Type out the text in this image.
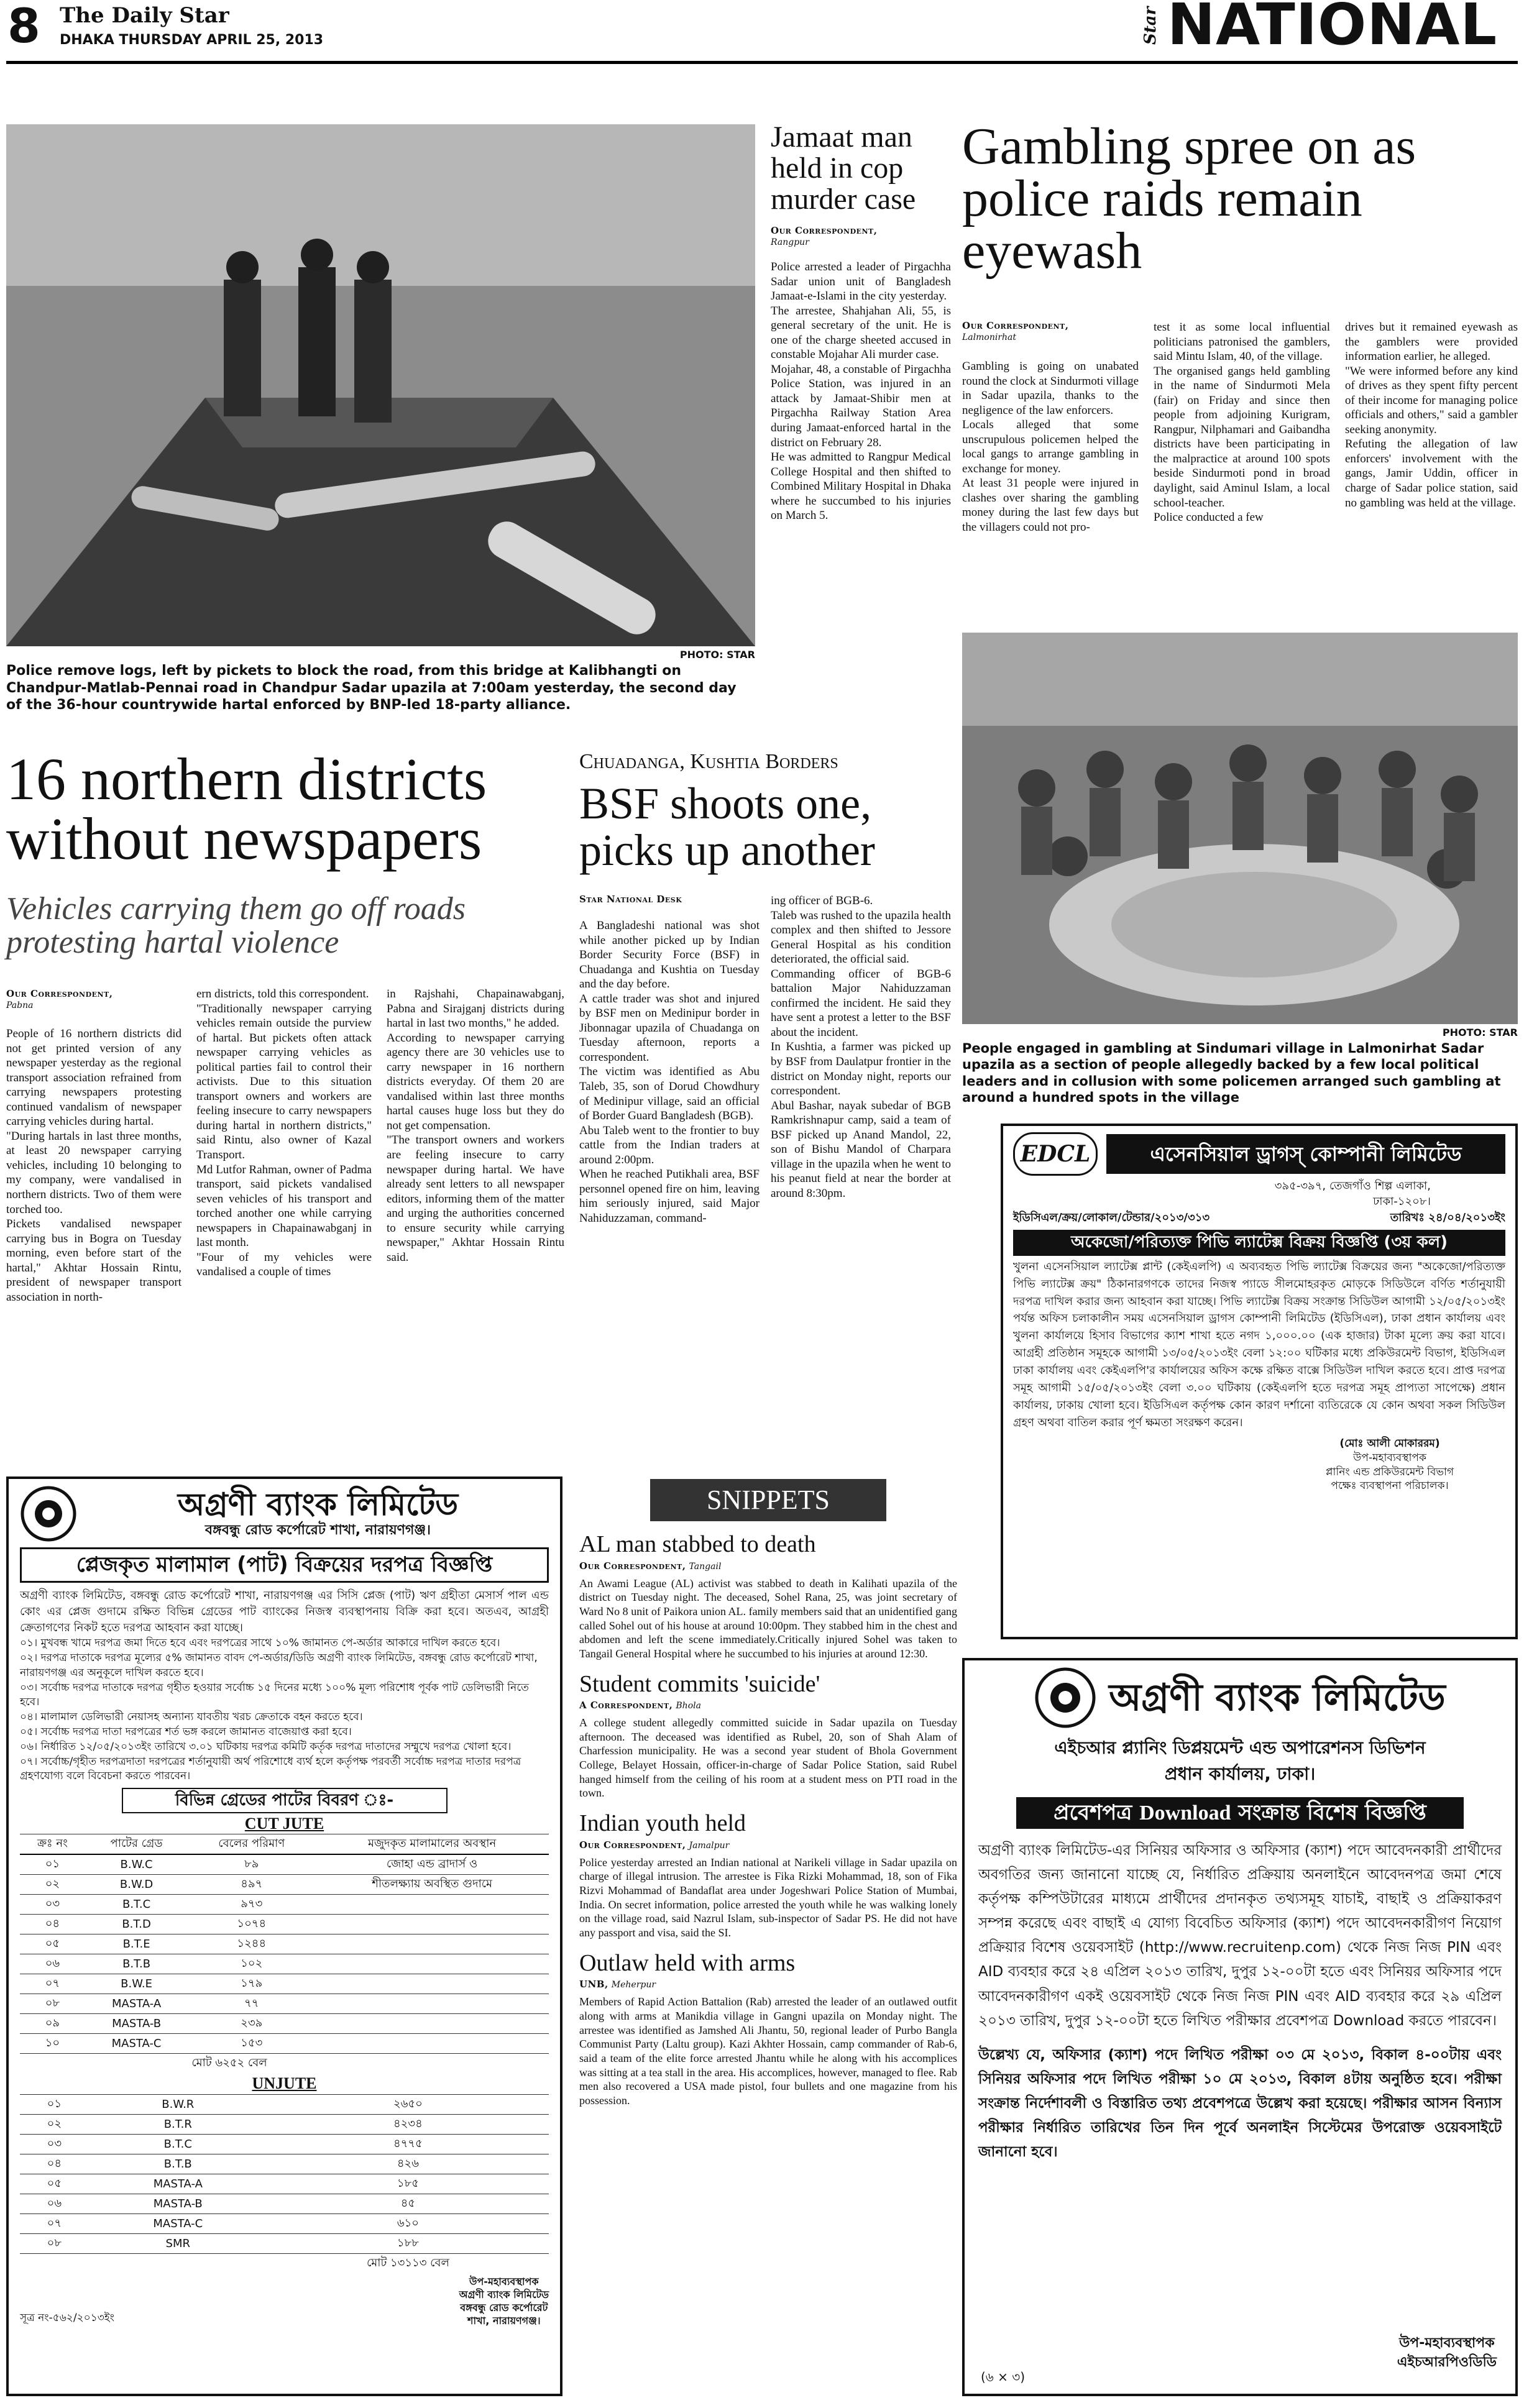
8 The Daily Star
DHAKA THURSDAY APRIL 25, 2013	Star NATIONAL
PHOTO: STAR
Police remove logs, left by pickets to block the road, from this bridge at Kalibhangti on Chandpur-Matlab-Pennai road in Chandpur Sadar upazila at 7:00am yesterday, the second day of the 36-hour countrywide hartal enforced by BNP-led 18-party alliance.
Jamaat man held in cop murder case
Our Correspondent,
Rangpur
Police arrested a leader of Pirgachha Sadar union unit of Bangladesh Jamaat-e-Islami in the city yesterday.
The arrestee, Shahjahan Ali, 55, is general secretary of the unit. He is one of the charge sheeted accused in constable Mojahar Ali murder case.
Mojahar, 48, a constable of Pirgachha Police Station, was injured in an attack by Jamaat-Shibir men at Pirgachha Railway Station Area during Jamaat-enforced hartal in the district on February 28.
He was admitted to Rangpur Medical College Hospital and then shifted to Combined Military Hospital in Dhaka where he succumbed to his injuries on March 5.
Gambling spree on as police raids remain eyewash
Our Correspondent,
Lalmonirhat
Gambling is going on unabated round the clock at Sindurmoti village in Sadar upazila, thanks to the negligence of the law enforcers.
Locals alleged that some unscrupulous policemen helped the local gangs to arrange gambling in exchange for money.
At least 31 people were injured in clashes over sharing the gambling money during the last few days but the villagers could not pro-
test it as some local influential politicians patronised the gamblers, said Mintu Islam, 40, of the village.
The organised gangs held gambling in the name of Sindurmoti Mela (fair) on Friday and since then people from adjoining Kurigram, Rangpur, Nilphamari and Gaibandha districts have been participating in the malpractice at around 100 spots beside Sindurmoti pond in broad daylight, said Aminul Islam, a local school-teacher.
Police conducted a few
drives but it remained eyewash as the gamblers were provided information earlier, he alleged.
"We were informed before any kind of drives as they spent fifty percent of their income for managing police officials and others," said a gambler seeking anonymity.
Refuting the allegation of law enforcers' involvement with the gangs, Jamir Uddin, officer in charge of Sadar police station, said no gambling was held at the village.
PHOTO: STAR
People engaged in gambling at Sindumari village in Lalmonirhat Sadar upazila as a section of people allegedly backed by a few local political leaders and in collusion with some policemen arranged such gambling at around a hundred spots in the village
16 northern districts without newspapers
Vehicles carrying them go off roads protesting hartal violence
Our Correspondent,
Pabna
People of 16 northern districts did not get printed version of any newspaper yesterday as the regional transport association refrained from carrying newspapers protesting continued vandalism of newspaper carrying vehicles during hartal.
"During hartals in last three months, at least 20 newspaper carrying vehicles, including 10 belonging to my company, were vandalised in northern districts. Two of them were torched too.
Pickets vandalised newspaper carrying bus in Bogra on Tuesday morning, even before start of the hartal," Akhtar Hossain Rintu, president of newspaper transport association in north-
ern districts, told this correspondent.
"Traditionally newspaper carrying vehicles remain outside the purview of hartal. But pickets often attack newspaper carrying vehicles as political parties fail to control their activists. Due to this situation transport owners and workers are feeling insecure to carry newspapers during hartal in northern districts," said Rintu, also owner of Kazal Transport.
Md Lutfor Rahman, owner of Padma transport, said pickets vandalised seven vehicles of his transport and torched another one while carrying newspapers in Chapainawabganj in last month.
"Four of my vehicles were vandalised a couple of times
in Rajshahi, Chapainawabganj, Pabna and Sirajganj districts during hartal in last two months," he added.
According to newspaper carrying agency there are 30 vehicles use to carry newspaper in 16 northern districts everyday. Of them 20 are vandalised within last three months hartal causes huge loss but they do not get compensation.
"The transport owners and workers are feeling insecure to carry newspaper during hartal. We have already sent letters to all newspaper editors, informing them of the matter and urging the authorities concerned to ensure security while carrying newspaper," Akhtar Hossain Rintu said.
Chuadanga, Kushtia Borders
BSF shoots one, picks up another
Star National Desk
A Bangladeshi national was shot while another picked up by Indian Border Security Force (BSF) in Chuadanga and Kushtia on Tuesday and the day before.
A cattle trader was shot and injured by BSF men on Medinipur border in Jibonnagar upazila of Chuadanga on Tuesday afternoon, reports a correspondent.
The victim was identified as Abu Taleb, 35, son of Dorud Chowdhury of Medinipur village, said an official of Border Guard Bangladesh (BGB).
Abu Taleb went to the frontier to buy cattle from the Indian traders at around 2:00pm.
When he reached Putikhali area, BSF personnel opened fire on him, leaving him seriously injured, said Major Nahiduzzaman, command-
ing officer of BGB-6.
Taleb was rushed to the upazila health complex and then shifted to Jessore General Hospital as his condition deteriorated, the official said.
Commanding officer of BGB-6 battalion Major Nahiduzzaman confirmed the incident. He said they have sent a protest a letter to the BSF about the incident.
In Kushtia, a farmer was picked up by BSF from Daulatpur frontier in the district on Monday night, reports our correspondent.
Abul Bashar, nayak subedar of BGB Ramkrishnapur camp, said a team of BSF picked up Anand Mandol, 22, son of Bishu Mandol of Charpara village in the upazila when he went to his peanut field at near the border at around 8:30pm.
SNIPPETS
AL man stabbed to death
Our Correspondent, Tangail
An Awami League (AL) activist was stabbed to death in Kalihati upazila of the district on Tuesday night. The deceased, Sohel Rana, 25, was joint secretary of Ward No 8 unit of Paikora union AL. family members said that an unidentified gang called Sohel out of his house at around 10:00pm. They stabbed him in the chest and abdomen and left the scene immediately.Critically injured Sohel was taken to Tangail General Hospital where he succumbed to his injuries at around 12:30.
Student commits 'suicide'
A Correspondent, Bhola
A college student allegedly committed suicide in Sadar upazila on Tuesday afternoon. The deceased was identified as Rubel, 20, son of Shah Alam of Charfession municipality. He was a second year student of Bhola Government College, Belayet Hossain, officer-in-charge of Sadar Police Station, said Rubel hanged himself from the ceiling of his room at a student mess on PTI road in the town.
Indian youth held
Our Correspondent, Jamalpur
Police yesterday arrested an Indian national at Narikeli village in Sadar upazila on charge of illegal intrusion. The arrestee is Fika Rizki Mohammad, 18, son of Fika Rizvi Mohammad of Bandaflat area under Jogeshwari Police Station of Mumbai, India. On secret information, police arrested the youth while he was walking lonely on the village road, said Nazrul Islam, sub-inspector of Sadar PS. He did not have any passport and visa, said the SI.
Outlaw held with arms
UNB, Meherpur
Members of Rapid Action Battalion (Rab) arrested the leader of an outlawed outfit along with arms at Manikdia village in Gangni upazila on Monday night. The arrestee was identified as Jamshed Ali Jhantu, 50, regional leader of Purbo Bangla Communist Party (Laltu group). Kazi Akhter Hossain, camp commander of Rab-6, said a team of the elite force arrested Jhantu while he along with his accomplices was sitting at a tea stall in the area. His accomplices, however, managed to flee. Rab men also recovered a USA made pistol, four bullets and one magazine from his possession.
অগ্রণী ব্যাংক লিমিটেড
বঙ্গবন্ধু রোড কর্পোরেট শাখা, নারায়ণগঞ্জ।
প্লেজকৃত মালামাল (পাট) বিক্রয়ের দরপত্র বিজ্ঞপ্তি
অগ্রণী ব্যাংক লিমিটেড, বঙ্গবন্ধু রোড কর্পোরেট শাখা, নারায়ণগঞ্জ এর সিসি প্লেজ (পাট) ঋণ গ্রহীতা মেসার্স পাল এন্ড কোং এর প্লেজ গুদামে রক্ষিত বিভিন্ন গ্রেডের পাট ব্যাংকের নিজস্ব ব্যবস্থাপনায় বিক্রি করা হবে। অতএব, আগ্রহী ক্রেতাগণের নিকট হতে দরপত্র আহবান করা যাচ্ছে।
০১। মুখবন্ধ খামে দরপত্র জমা দিতে হবে এবং দরপত্রের সাথে ১০% জামানত পে-অর্ডার আকারে দাখিল করতে হবে।
০২। দরপত্র দাতাকে দরপত্র মূল্যের ৫% জামানত বাবদ পে-অর্ডার/ডিডি অগ্রণী ব্যাংক লিমিটেড, বঙ্গবন্ধু রোড কর্পোরেট শাখা, নারায়ণগঞ্জ এর অনুকূলে দাখিল করতে হবে।
০৩। সর্বোচ্চ দরপত্র দাতাকে দরপত্র গৃহীত হওয়ার সর্বোচ্চ ১৫ দিনের মধ্যে ১০০% মূল্য পরিশোধ পূর্বক পাট ডেলিভারী নিতে হবে।
০৪। মালামাল ডেলিভারী নেয়াসহ অন্যান্য যাবতীয় খরচ ক্রেতাকে বহন করতে হবে।
০৫। সর্বোচ্চ দরপত্র দাতা দরপত্রের শর্ত ভঙ্গ করলে জামানত বাজেয়াপ্ত করা হবে।
০৬। নির্ধারিত ১২/০৫/২০১৩ইং তারিখে ৩.০১ ঘটিকায় দরপত্র কমিটি কর্তৃক দরপত্র দাতাদের সম্মুখে দরপত্র খোলা হবে।
০৭। সর্বোচ্চ/গৃহীত দরপত্রদাতা দরপত্রের শর্তানুযায়ী অর্থ পরিশোধে ব্যর্থ হলে কর্তৃপক্ষ পরবর্তী সর্বোচ্চ দরপত্র দাতার দরপত্র গ্রহণযোগ্য বলে বিবেচনা করতে পারবেন।
বিভিন্ন গ্রেডের পাটের বিবরণ ঃ-
CUT JUTE
ক্রঃ নং	পাটের গ্রেড	বেলের পরিমাণ	মজুদকৃত মালামালের অবস্থান
০১	B.W.C	৮৯	জোহা এন্ড ব্রাদার্স ও
০২	B.W.D	৪৯৭	শীতলক্ষ্যায় অবস্থিত গুদামে
০৩	B.T.C	৯৭৩	
০৪	B.T.D	১০৭৪	
০৫	B.T.E	১২৪৪	
০৬	B.T.B	১০২	
০৭	B.W.E	১৭৯	
০৮	MASTA-A	৭৭	
০৯	MASTA-B	২৩৯	
১০	MASTA-C	১৫৩	
		মোট ৬২৫২ বেল	
UNJUTE
০১	B.W.R	২৬৫০
০২	B.T.R	৪২৩৪
০৩	B.T.C	৪৭৭৫
০৪	B.T.B	৪২৬
০৫	MASTA-A	১৮৫
০৬	MASTA-B	৪৫
০৭	MASTA-C	৬১০
০৮	SMR	১৮৮
		মোট ১৩১১৩ বেল
সূত্র নং-৫৬২/২০১৩ইং
উপ-মহাব্যবস্থাপক
অগ্রণী ব্যাংক লিমিটেড
বঙ্গবন্ধু রোড কর্পোরেট
শাখা, নারায়ণগঞ্জ।
EDCL	এসেনসিয়াল ড্রাগস্ কোম্পানী লিমিটেড
৩৯৫-৩৯৭, তেজগাঁও শিল্প এলাকা,
ঢাকা-১২০৮।
ইডিসিএল/ক্রয়/লোকাল/টেন্ডার/২০১৩/৩১৩	তারিখঃ ২৪/০৪/২০১৩ইং
অকেজো/পরিত্যক্ত পিভি ল্যাটেক্স বিক্রয় বিজ্ঞপ্তি (৩য় কল)
খুলনা এসেনসিয়াল ল্যাটেক্স প্লান্ট (কেইএলপি) এ অব্যবহৃত পিভি ল্যাটেক্স বিক্রয়ের জন্য "অকেজো/পরিত্যক্ত পিভি ল্যাটেক্স ক্রয়" ঠিকানারগণকে তাদের নিজস্ব প্যাডে সীলমোহরকৃত মোড়কে সিডিউলে বর্ণিত শর্তানুযায়ী দরপত্র দাখিল করার জন্য আহবান করা যাচ্ছে। পিভি ল্যাটেক্স বিক্রয় সংক্রান্ত সিডিউল আগামী ১২/০৫/২০১৩ইং পর্যন্ত অফিস চলাকালীন সময় এসেনসিয়াল ড্রাগস কোম্পানী লিমিটেড (ইডিসিএল), ঢাকা প্রধান কার্যালয় এবং খুলনা কার্যালয়ে হিসাব বিভাগের ক্যাশ শাখা হতে নগদ ১,০০০.০০ (এক হাজার) টাকা মূল্যে ক্রয় করা যাবে। আগ্রহী প্রতিষ্ঠান সমূহকে আগামী ১৩/০৫/২০১৩ইং বেলা ১২:০০ ঘটিকার মধ্যে প্রকিউরমেন্ট বিভাগ, ইডিসিএল ঢাকা কার্যালয় এবং কেইএলপি'র কার্যালয়ের অফিস কক্ষে রক্ষিত বাক্সে সিডিউল দাখিল করতে হবে। প্রাপ্ত দরপত্র সমূহ আগামী ১৫/০৫/২০১৩ইং বেলা ৩.০০ ঘটিকায় (কেইএলপি হতে দরপত্র সমূহ প্রাপ্যতা সাপেক্ষে) প্রধান কার্যালয়, ঢাকায় খোলা হবে। ইডিসিএল কর্তৃপক্ষ কোন কারণ দর্শানো ব্যতিরেকে যে কোন অথবা সকল সিডিউল গ্রহণ অথবা বাতিল করার পূর্ণ ক্ষমতা সংরক্ষণ করেন।
(মোঃ আলী মোকাররম)
উপ-মহাব্যবস্থাপক
প্লানিং এন্ড প্রকিউরমেন্ট বিভাগ
পক্ষেঃ ব্যবস্থাপনা পরিচালক।
অগ্রণী ব্যাংক লিমিটেড
এইচআর প্ল্যানিং ডিপ্লয়মেন্ট এন্ড অপারেশনস ডিভিশন
প্রধান কার্যালয়, ঢাকা।
প্রবেশপত্র Download সংক্রান্ত বিশেষ বিজ্ঞপ্তি
অগ্রণী ব্যাংক লিমিটেড-এর সিনিয়র অফিসার ও অফিসার (ক্যাশ) পদে আবেদনকারী প্রার্থীদের অবগতির জন্য জানানো যাচ্ছে যে, নির্ধারিত প্রক্রিয়ায় অনলাইনে আবেদনপত্র জমা শেষে কর্তৃপক্ষ কম্পিউটারের মাধ্যমে প্রার্থীদের প্রদানকৃত তথ্যসমূহ যাচাই, বাছাই ও প্রক্রিয়াকরণ সম্পন্ন করেছে এবং বাছাই এ যোগ্য বিবেচিত অফিসার (ক্যাশ) পদে আবেদনকারীগণ নিয়োগ প্রক্রিয়ার বিশেষ ওয়েবসাইট (http://www.recruitenp.com) থেকে নিজ নিজ PIN এবং AID ব্যবহার করে ২৪ এপ্রিল ২০১৩ তারিখ, দুপুর ১২-০০টা হতে এবং সিনিয়র অফিসার পদে আবেদনকারীগণ একই ওয়েবসাইট থেকে নিজ নিজ PIN এবং AID ব্যবহার করে ২৯ এপ্রিল ২০১৩ তারিখ, দুপুর ১২-০০টা হতে লিখিত পরীক্ষার প্রবেশপত্র Download করতে পারবেন।
উল্লেখ্য যে, অফিসার (ক্যাশ) পদে লিখিত পরীক্ষা ০৩ মে ২০১৩, বিকাল ৪-০০টায় এবং সিনিয়র অফিসার পদে লিখিত পরীক্ষা ১০ মে ২০১৩, বিকাল ৪টায় অনুষ্ঠিত হবে। পরীক্ষা সংক্রান্ত নির্দেশাবলী ও বিস্তারিত তথ্য প্রবেশপত্রে উল্লেখ করা হয়েছে। পরীক্ষার আসন বিন্যাস পরীক্ষার নির্ধারিত তারিখের তিন দিন পূর্বে অনলাইন সিস্টেমের উপরোক্ত ওয়েবসাইটে জানানো হবে।
উপ-মহাব্যবস্থাপক
এইচআরপিওডিডি
(৬ × ৩)
